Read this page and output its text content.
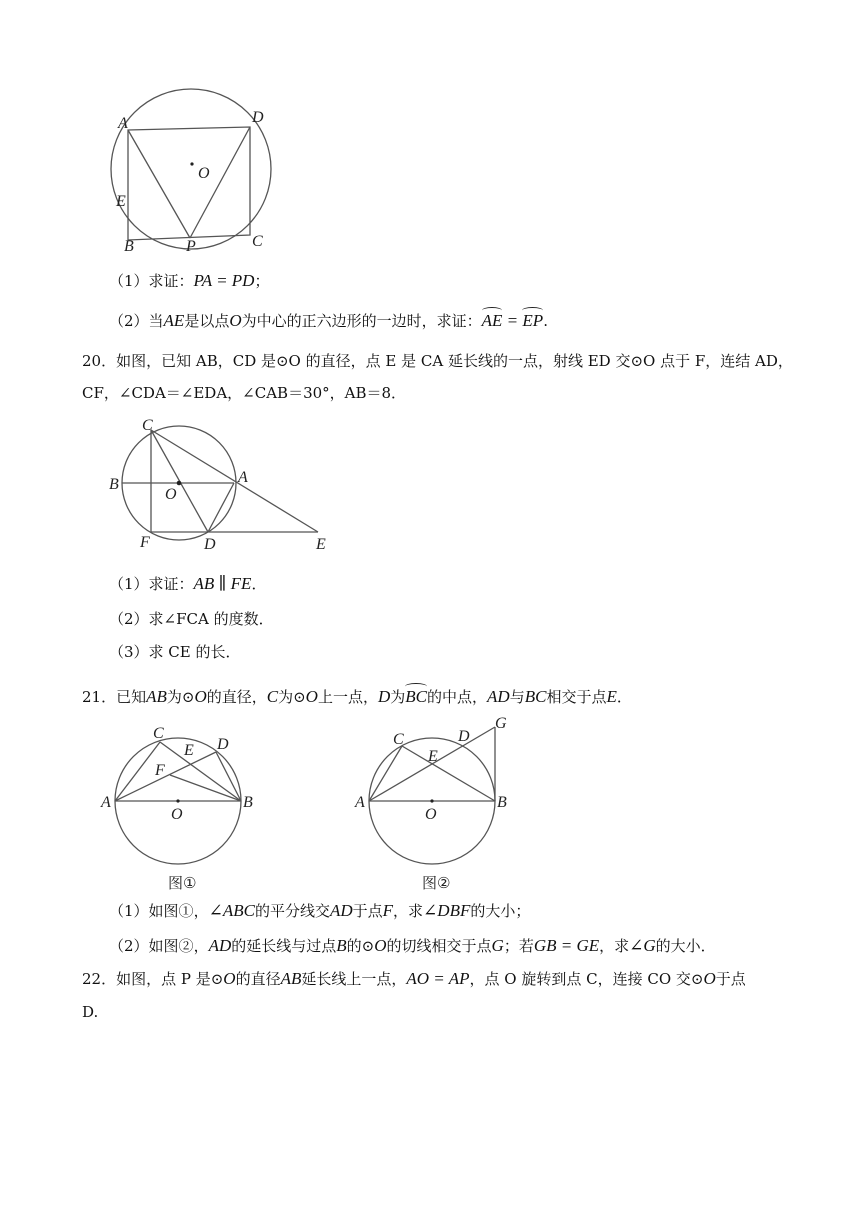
A	D
O
E
B	P	C
（1）求证：PA = PD；
（2）当AE是以点O为中心的正六边形的一边时，求证：AE = EP.
20．如图，已知 AB，CD 是⊙O 的直径，点 E 是 CA 延长线的一点，射线 ED 交⊙O 点于 F，连结 AD，
CF，∠CDA＝∠EDA，∠CAB＝30°，AB＝8．
C
A
B
O
F	D	E
（1）求证：AB ∥ FE．
（2）求∠FCA 的度数．
（3）求 CE 的长．
21．已知AB为⊙O的直径，C为⊙O上一点，D为BC的中点，AD与BC相交于点E．
C
E D
F
A	B
O
图①
C
E
D
G
A	B
O
图②
（1）如图①，∠ABC的平分线交AD于点F，求∠DBF的大小；
（2）如图②，AD的延长线与过点B的⊙O的切线相交于点G；若GB = GE，求∠G的大小．
22．如图，点 P 是⊙O的直径AB延长线上一点，AO = AP，点 O 旋转到点 C，连接 CO 交⊙O于点
D.
